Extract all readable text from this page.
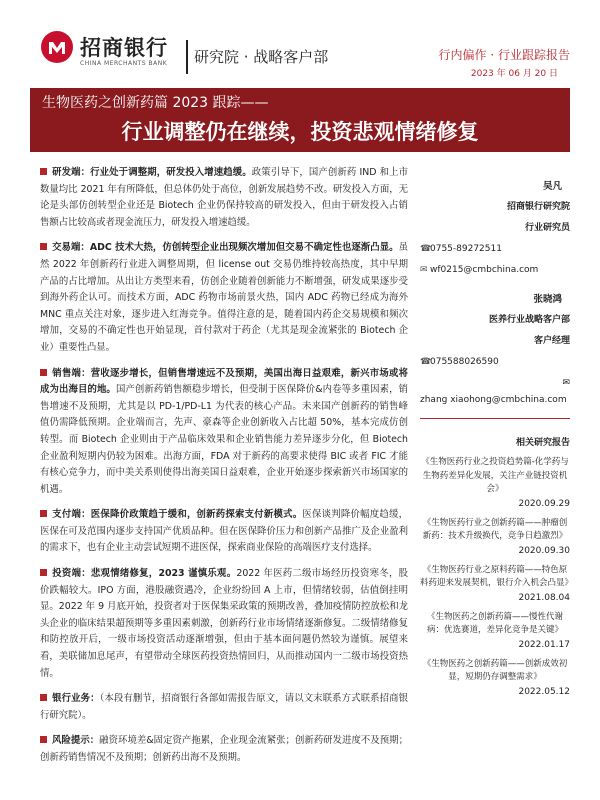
招商银行
CHINA MERCHANTS BANK 研究院 · 战略客户部	行内偏作 · 行业跟踪报告
2023 年 06 月 20 日
生物医药之创新药篇 2023 跟踪——
行业调整仍在继续，投资悲观情绪修复
研发端：行业处于调整期，研发投入增速趋缓。政策引导下，国产创新药 IND 和上市数量均比 2021 年有所降低，但总体仍处于高位，创新发展趋势不改。研发投入方面，无论是头部仿创转型企业还是 Biotech 企业仍保持较高的研发投入，但由于研发投入占销售额占比较高或者现金流压力，研发投入增速趋缓。
交易端：ADC 技术大热，仿创转型企业出现频次增加但交易不确定性也逐渐凸显。虽然 2022 年创新药行业进入调整周期，但 license out 交易仍维持较高热度，其中早期产品的占比增加。从出让方类型来看，仿创企业随着创新能力不断增强，研发成果逐步受到海外药企认可。而技术方面，ADC 药物市场前景火热，国内 ADC 药物已经成为海外 MNC 重点关注对象，逐步进入红海竞争。值得注意的是，随着国内药企交易规模和频次增加，交易的不确定性也开始显现，首付款对于药企（尤其是现金流紧张的 Biotech 企业）重要性凸显。
销售端：营收逐步增长，但销售增速远不及预期，美国出海日益艰难，新兴市场或将成为出海目的地。国产创新药销售额稳步增长，但受制于医保降价&内卷等多重因素，销售增速不及预期，尤其是以 PD-1/PD-L1 为代表的核心产品。未来国产创新药的销售峰值仍需降低预期。企业端而言，先声、豪森等企业创新收入占比超 50%，基本完成仿创转型。而 Biotech 企业则由于产品临床效果和企业销售能力差异逐步分化，但 Biotech 企业盈利短期内仍较为困难。出海方面，FDA 对于新药的高要求使得 BIC 或者 FIC 才能有核心竞争力，而中美关系则使得出海美国日益艰难，企业开始逐步探索新兴市场国家的机遇。
支付端：医保降价政策趋于缓和，创新药探索支付新模式。医保谈判降价幅度趋缓，医保在可及范围内逐步支持国产优质品种。但在医保降价压力和创新产品推广及企业盈利的需求下，也有企业主动尝试短期不进医保，探索商业保险的高端医疗支付选择。
投资端：悲观情绪修复，2023 谨慎乐观。2022 年医药二级市场经历投资寒冬，股价跌幅较大。IPO 方面，港股融资遇冷，企业纷纷回 A 上市，但情绪较弱，估值倒挂明显。2022 年 9 月底开始，投资者对于医保集采政策的预期改善，叠加疫情防控放松和龙头企业的临床结果超预期等多重因素刺激，创新药行业市场情绪逐渐修复。二级情绪修复和防控放开后，一级市场投资活动逐渐增强，但由于基本面问题仍然较为谨慎。展望来看，美联储加息尾声，有望带动全球医药投资热情回归，从而推动国内一二级市场投资热情。
银行业务：（本段有删节，招商银行各部如需报告原文，请以文末联系方式联系招商银行研究院）。
风险提示：融资环境差&固定资产拖累，企业现金流紧张；创新药研发进度不及预期；创新药销售情况不及预期；创新药出海不及预期。
吴凡
招商银行研究院
行业研究员
☎0755-89272511
✉ wf0215@cmbchina.com
张晓鸿
医养行业战略客户部
客户经理
☎075588026590
✉
zhang xiaohong@cmbchina.com
相关研究报告
《生物医药行业之投资趋势篇-化学药与生物药差异化发展，关注产业链投资机会》
2020.09.29
《生物医药行业之创新药篇——肿瘤创新药：技术升级换代，竞争日趋激烈》
2020.09.30
《生物医药行业之原料药篇——特色原料药迎来发展契机，银行介入机会凸显》
2021.08.04
《生物医药之创新药篇——慢性代谢病：优选赛道，差异化竞争是关键》
2022.01.17
《生物医药之创新药篇——创新成效初显，短期仍存调整需求》
2022.05.12
